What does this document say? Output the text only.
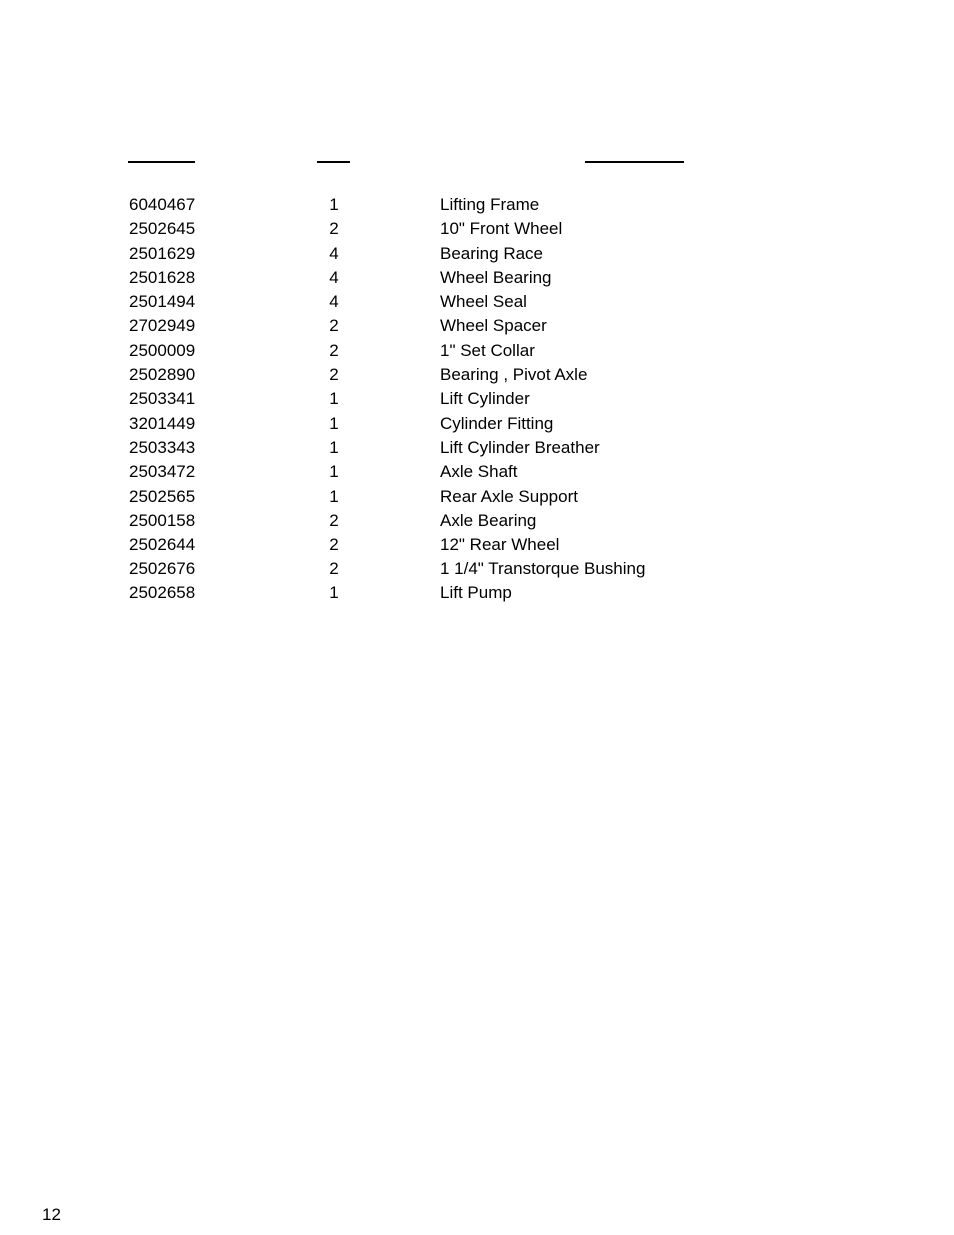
6040467	1	Lifting Frame
2502645	2	10" Front Wheel
2501629	4	Bearing Race
2501628	4	Wheel Bearing
2501494	4	Wheel Seal
2702949	2	Wheel Spacer
2500009	2	1" Set Collar
2502890	2	Bearing , Pivot Axle
2503341	1	Lift Cylinder
3201449	1	Cylinder Fitting
2503343	1	Lift Cylinder Breather
2503472	1	Axle Shaft
2502565	1	Rear Axle Support
2500158	2	Axle Bearing
2502644	2	12" Rear Wheel
2502676	2	1 1/4" Transtorque Bushing
2502658	1	Lift Pump
12
